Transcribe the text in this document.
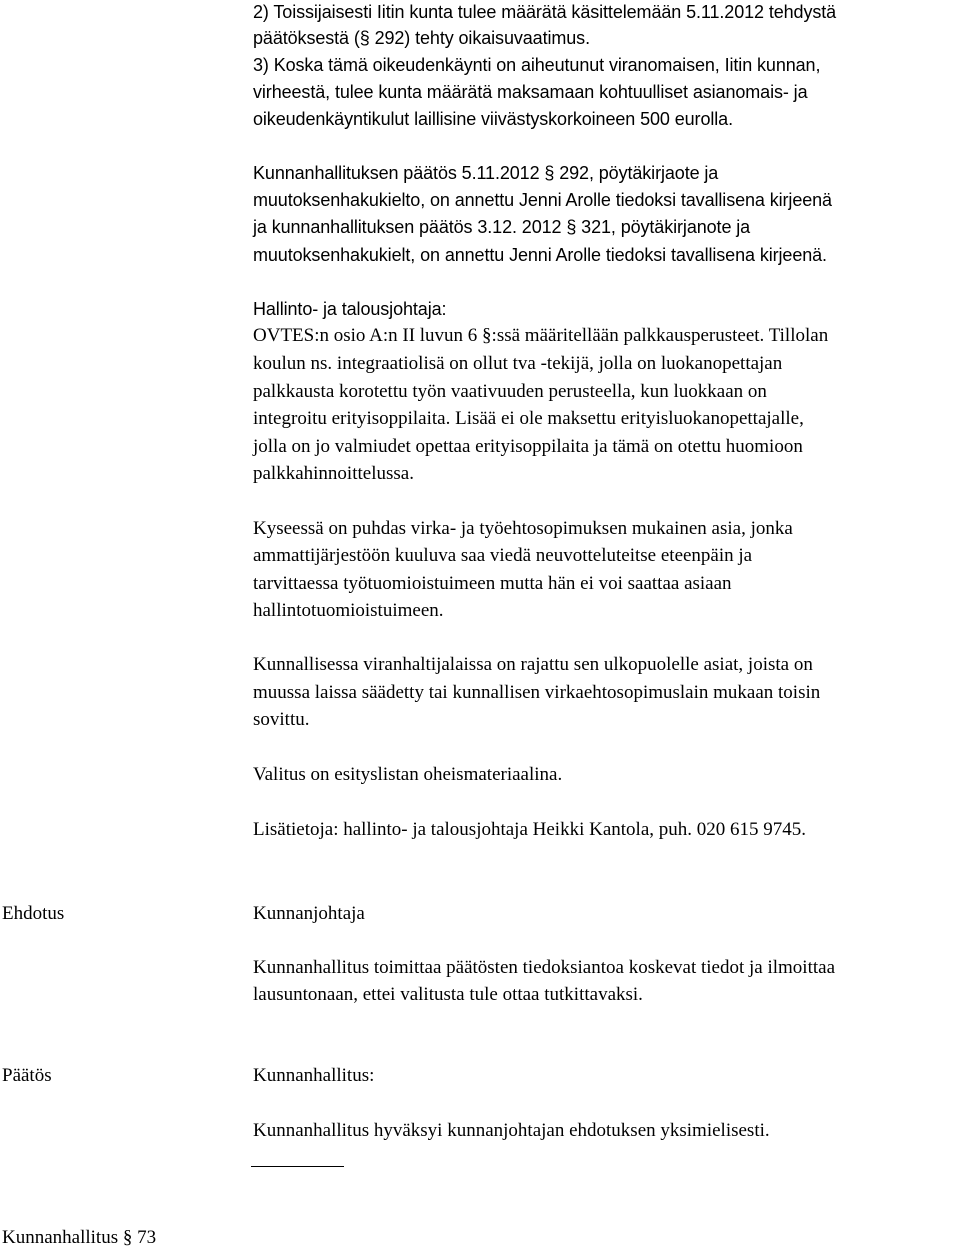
2) Toissijaisesti Iitin kunta tulee määrätä käsittelemään 5.11.2012 tehdystä
päätöksestä (§ 292) tehty oikaisuvaatimus.
3) Koska tämä oikeudenkäynti on aiheutunut viranomaisen, Iitin kunnan,
virheestä, tulee kunta määrätä maksamaan kohtuulliset asianomais- ja
oikeudenkäyntikulut laillisine viivästyskorkoineen 500 eurolla.
Kunnanhallituksen päätös 5.11.2012 § 292, pöytäkirjaote ja
muutoksenhakukielto, on annettu Jenni Arolle tiedoksi tavallisena kirjeenä
ja kunnanhallituksen päätös 3.12. 2012 § 321, pöytäkirjanote ja
muutoksenhakukielt, on annettu Jenni Arolle tiedoksi tavallisena kirjeenä.
Hallinto- ja talousjohtaja:
OVTES:n osio A:n II luvun 6 §:ssä määritellään palkkausperusteet. Tillolan
koulun ns. integraatiolisä on ollut tva -tekijä, jolla on luokanopettajan
palkkausta korotettu työn vaativuuden perusteella, kun luokkaan on
integroitu erityisoppilaita. Lisää ei ole maksettu erityisluokanopettajalle,
jolla on jo valmiudet opettaa erityisoppilaita ja tämä on otettu huomioon
palkkahinnoittelussa.
Kyseessä on puhdas virka- ja työehtosopimuksen mukainen asia, jonka
ammattijärjestöön kuuluva saa viedä neuvotteluteitse eteenpäin ja
tarvittaessa työtuomioistuimeen mutta hän ei voi saattaa asiaan
hallintotuomioistuimeen.
Kunnallisessa viranhaltijalaissa on rajattu sen ulkopuolelle asiat, joista on
muussa laissa säädetty tai kunnallisen virkaehtosopimuslain mukaan toisin
sovittu.
Valitus on esityslistan oheismateriaalina.
Lisätietoja: hallinto- ja talousjohtaja Heikki Kantola, puh. 020 615 9745.
Ehdotus	Kunnanjohtaja
Kunnanhallitus toimittaa päätösten tiedoksiantoa koskevat tiedot ja ilmoittaa
lausuntonaan, ettei valitusta tule ottaa tutkittavaksi.
Päätös	Kunnanhallitus:
Kunnanhallitus hyväksyi kunnanjohtajan ehdotuksen yksimielisesti.
Kunnanhallitus § 73
